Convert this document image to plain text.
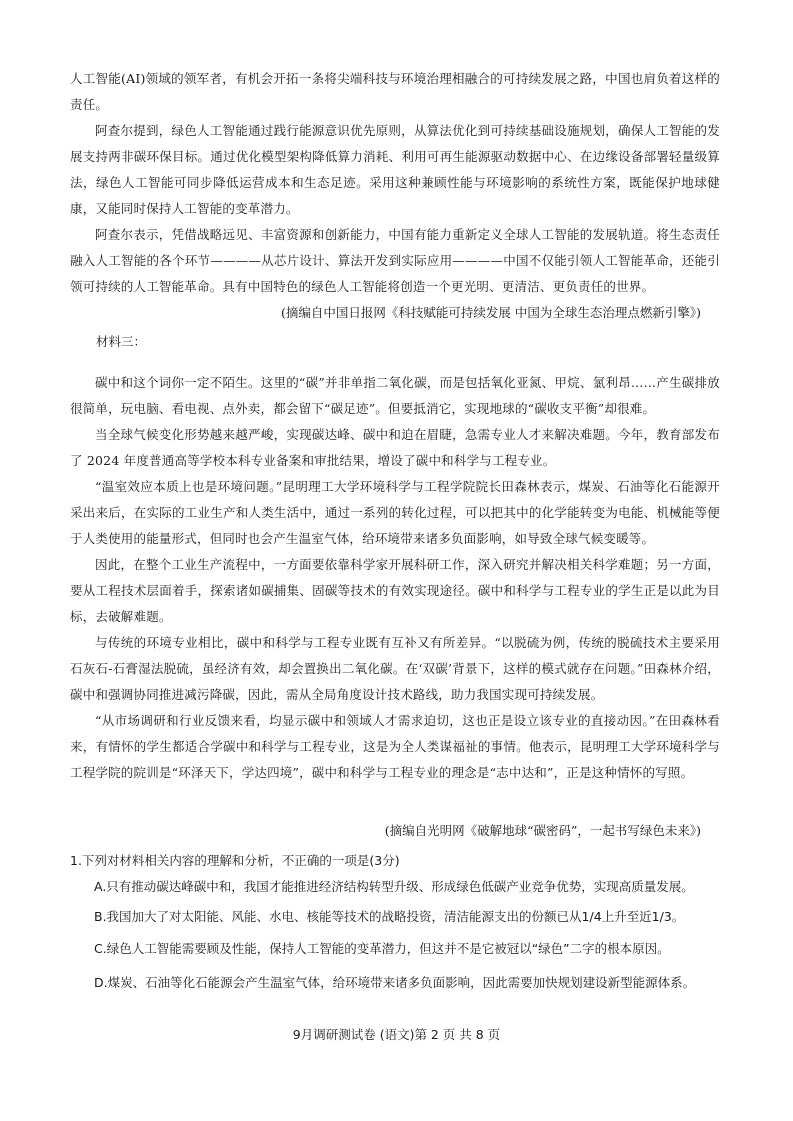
人工智能(AI)领域的领军者，有机会开拓一条将尖端科技与环境治理相融合的可持续发展之路，中国也肩负着这样的责任。

阿查尔提到，绿色人工智能通过践行能源意识优先原则，从算法优化到可持续基础设施规划，确保人工智能的发展支持两非碳环保目标。通过优化模型架构降低算力消耗、利用可再生能源驱动数据中心、在边缘设备部署轻量级算法，绿色人工智能可同步降低运营成本和生态足迹。采用这种兼顾性能与环境影响的系统性方案，既能保护地球健康，又能同时保持人工智能的变革潜力。

阿查尔表示，凭借战略远见、丰富资源和创新能力，中国有能力重新定义全球人工智能的发展轨道。将生态责任融入人工智能的各个环节————从芯片设计、算法开发到实际应用————中国不仅能引领人工智能革命，还能引领可持续的人工智能革命。具有中国特色的绿色人工智能将创造一个更光明、更清洁、更负责任的世界。

(摘编自中国日报网《科技赋能可持续发展 中国为全球生态治理点燃新引擎》)

材料三：

碳中和这个词你一定不陌生。这里的“碳”并非单指二氧化碳，而是包括氧化亚氮、甲烷、氯利昂……产生碳排放很简单，玩电脑、看电视、点外卖，都会留下“碳足迹”。但要抵消它，实现地球的“碳收支平衡”却很难。

当全球气候变化形势越来越严峻，实现碳达峰、碳中和迫在眉睫，急需专业人才来解决难题。今年，教育部发布了 2024 年度普通高等学校本科专业备案和审批结果，增设了碳中和科学与工程专业。

“温室效应本质上也是环境问题。”昆明理工大学环境科学与工程学院院长田森林表示，煤炭、石油等化石能源开采出来后，在实际的工业生产和人类生活中，通过一系列的转化过程，可以把其中的化学能转变为电能、机械能等便于人类使用的能量形式，但同时也会产生温室气体，给环境带来诸多负面影响，如导致全球气候变暖等。

因此，在整个工业生产流程中，一方面要依靠科学家开展科研工作，深入研究并解决相关科学难题；另一方面，要从工程技术层面着手，探索诸如碳捕集、固碳等技术的有效实现途径。碳中和科学与工程专业的学生正是以此为目标，去破解难题。

与传统的环境专业相比，碳中和科学与工程专业既有互补又有所差异。“以脱硫为例，传统的脱硫技术主要采用石灰石-石膏湿法脱硫，虽经济有效，却会置换出二氧化碳。在‘双碳’背景下，这样的模式就存在问题。”田森林介绍，碳中和强调协同推进减污降碳，因此，需从全局角度设计技术路线，助力我国实现可持续发展。

“从市场调研和行业反馈来看，均显示碳中和领域人才需求迫切，这也正是设立该专业的直接动因。”在田森林看来，有情怀的学生都适合学碳中和科学与工程专业，这是为全人类谋福祉的事情。他表示，昆明理工大学环境科学与工程学院的院训是“环泽天下，学达四境”，碳中和科学与工程专业的理念是“志中达和”，正是这种情怀的写照。

(摘编自光明网《破解地球“碳密码”，一起书写绿色未来》)

1.下列对材料相关内容的理解和分析，不正确的一项是(3分)

A.只有推动碳达峰碳中和，我国才能推进经济结构转型升级、形成绿色低碳产业竞争优势，实现高质量发展。

B.我国加大了对太阳能、风能、水电、核能等技术的战略投资，清洁能源支出的份额已从1/4上升至近1/3。

C.绿色人工智能需要顾及性能，保持人工智能的变革潜力，但这并不是它被冠以“绿色”二字的根本原因。

D.煤炭、石油等化石能源会产生温室气体，给环境带来诸多负面影响，因此需要加快规划建设新型能源体系。

9月调研测试卷 (语文)第 2 页 共 8 页
